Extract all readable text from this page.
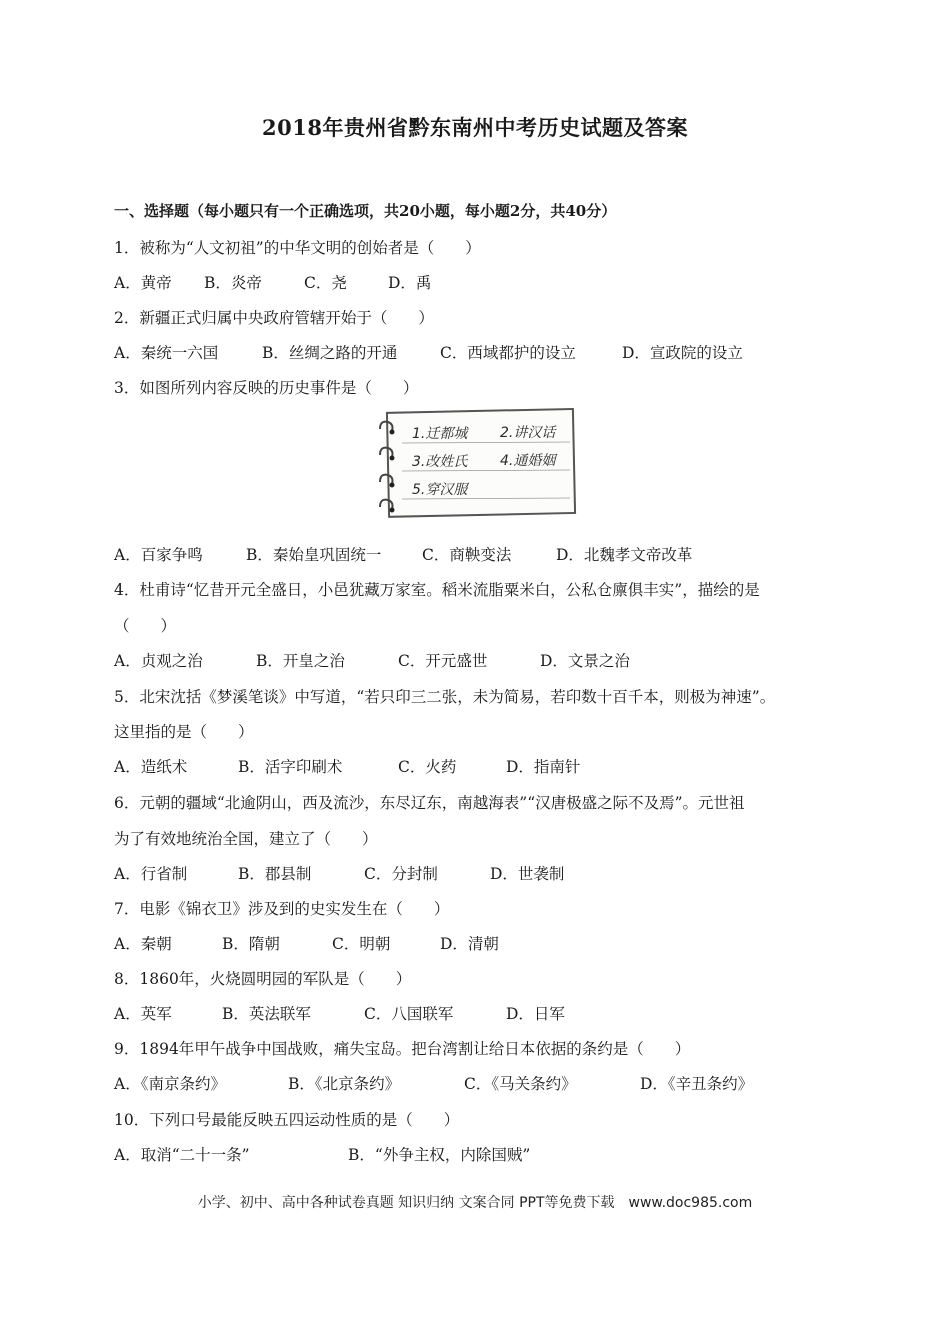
2018年贵州省黔东南州中考历史试题及答案
一、选择题（每小题只有一个正确选项，共20小题，每小题2分，共40分）
1．被称为“人文初祖”的中华文明的创始者是（　　）
A．黄帝 B．炎帝	C．尧	D．禹
2．新疆正式归属中央政府管辖开始于（　　）
A．秦统一六国	B．丝绸之路的开通	C．西域都护的设立	D．宣政院的设立
3．如图所列内容反映的历史事件是（　　）
1.迁都城 2.讲汉话
3.改姓氏 4.通婚姻
5.穿汉服
A．百家争鸣	B．秦始皇巩固统一	C．商鞅变法	D．北魏孝文帝改革
4．杜甫诗“忆昔开元全盛日，小邑犹藏万家室。稻米流脂粟米白，公私仓廪俱丰实”，描绘的是
（　　）
A．贞观之治	B．开皇之治	C．开元盛世	D．文景之治
5．北宋沈括《梦溪笔谈》中写道，“若只印三二张，未为简易，若印数十百千本，则极为神速”。
这里指的是（　　）
A．造纸术	B．活字印刷术	C．火药	D．指南针
6．元朝的疆域“北逾阴山，西及流沙，东尽辽东，南越海表”“汉唐极盛之际不及焉”。元世祖
为了有效地统治全国，建立了（　　）
A．行省制	B．郡县制	C．分封制	D．世袭制
7．电影《锦衣卫》涉及到的史实发生在（　　）
A．秦朝	B．隋朝	C．明朝	D．清朝
8．1860年，火烧圆明园的军队是（　　）
A．英军	B．英法联军	C．八国联军	D．日军
9．1894年甲午战争中国战败，痛失宝岛。把台湾割让给日本依据的条约是（　　）
A．《南京条约》	B．《北京条约》	C．《马关条约》	D．《辛丑条约》
10．下列口号最能反映五四运动性质的是（　　）
A．取消“二十一条”	B．“外争主权，内除国贼”
小学、初中、高中各种试卷真题 知识归纳 文案合同 PPT等免费下载　www.doc985.com
